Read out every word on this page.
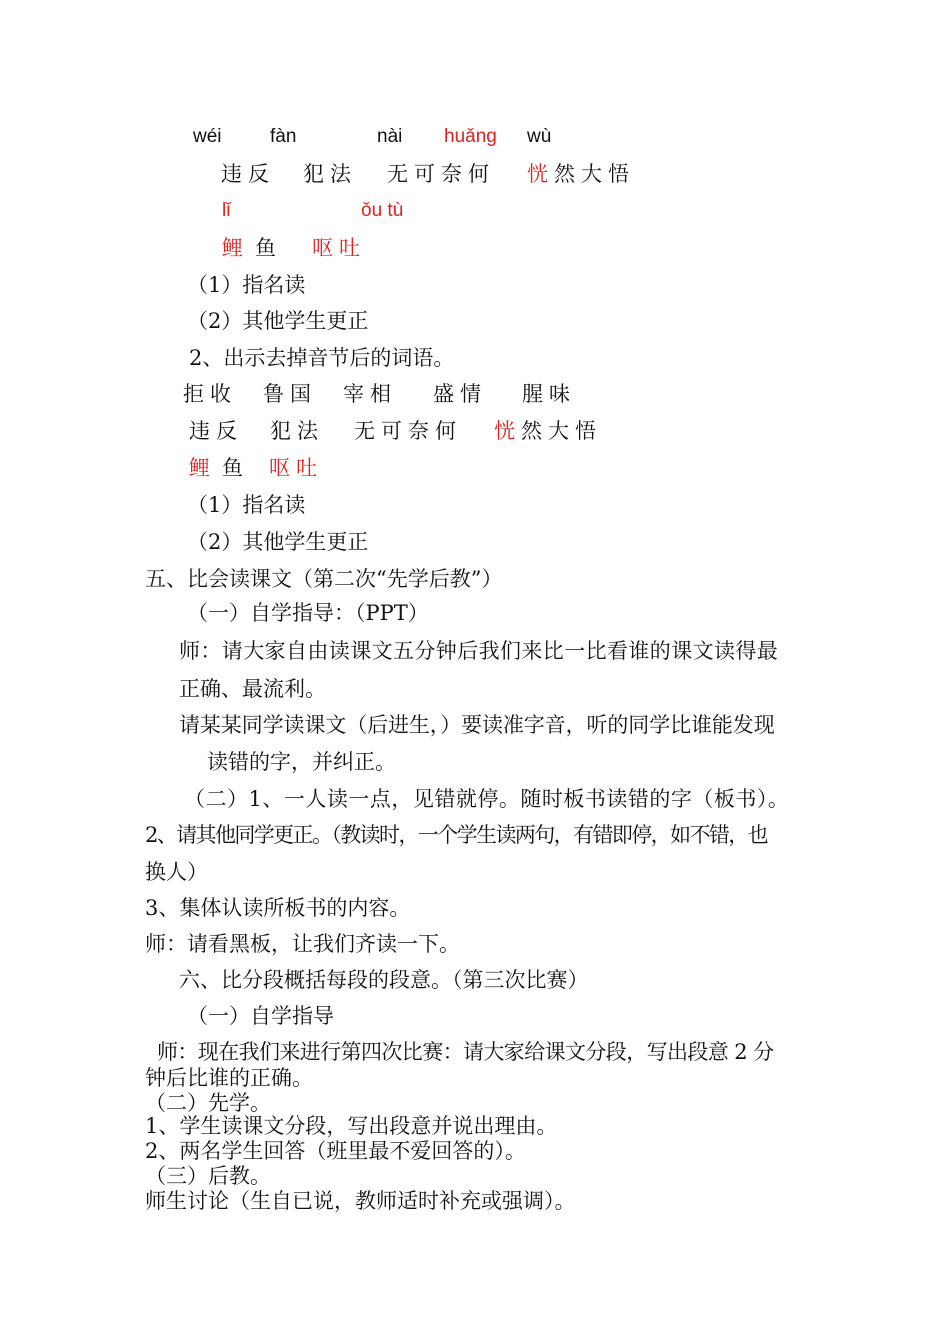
wéi	fàn	nài huǎng wù
违反 犯法 无可奈何 恍 然大悟
lǐ	ǒu tù
鲤 鱼 呕吐
（1）指名读
（2）其他学生更正
2、出示去掉音节后的词语。
拒收 鲁国 宰相 盛情 腥味
违反 犯法 无可奈何 恍 然大悟
鲤 鱼 呕吐
（1）指名读
（2）其他学生更正
五、比会读课文（第二次“先学后教”）
（一）自学指导：（PPT）
师：请大家自由读课文五分钟后我们来比一比看谁的课文读得最
正确、最流利。
请某某同学读课文（后进生，）要读准字音，听的同学比谁能发现
读错的字，并纠正。
（二）1、一人读一点，见错就停。随时板书读错的字（板书）。
2、请其他同学更正。（教读时，一个学生读两句，有错即停，如不错，也
换人）
3、集体认读所板书的内容。
师：请看黑板，让我们齐读一下。
六、比分段概括每段的段意。（第三次比赛）
（一）自学指导
师：现在我们来进行第四次比赛：请大家给课文分段，写出段意 2 分
钟后比谁的正确。
（二）先学。
1、学生读课文分段，写出段意并说出理由。
2、两名学生回答（班里最不爱回答的）。
（三）后教。
师生讨论（生自已说，教师适时补充或强调）。
